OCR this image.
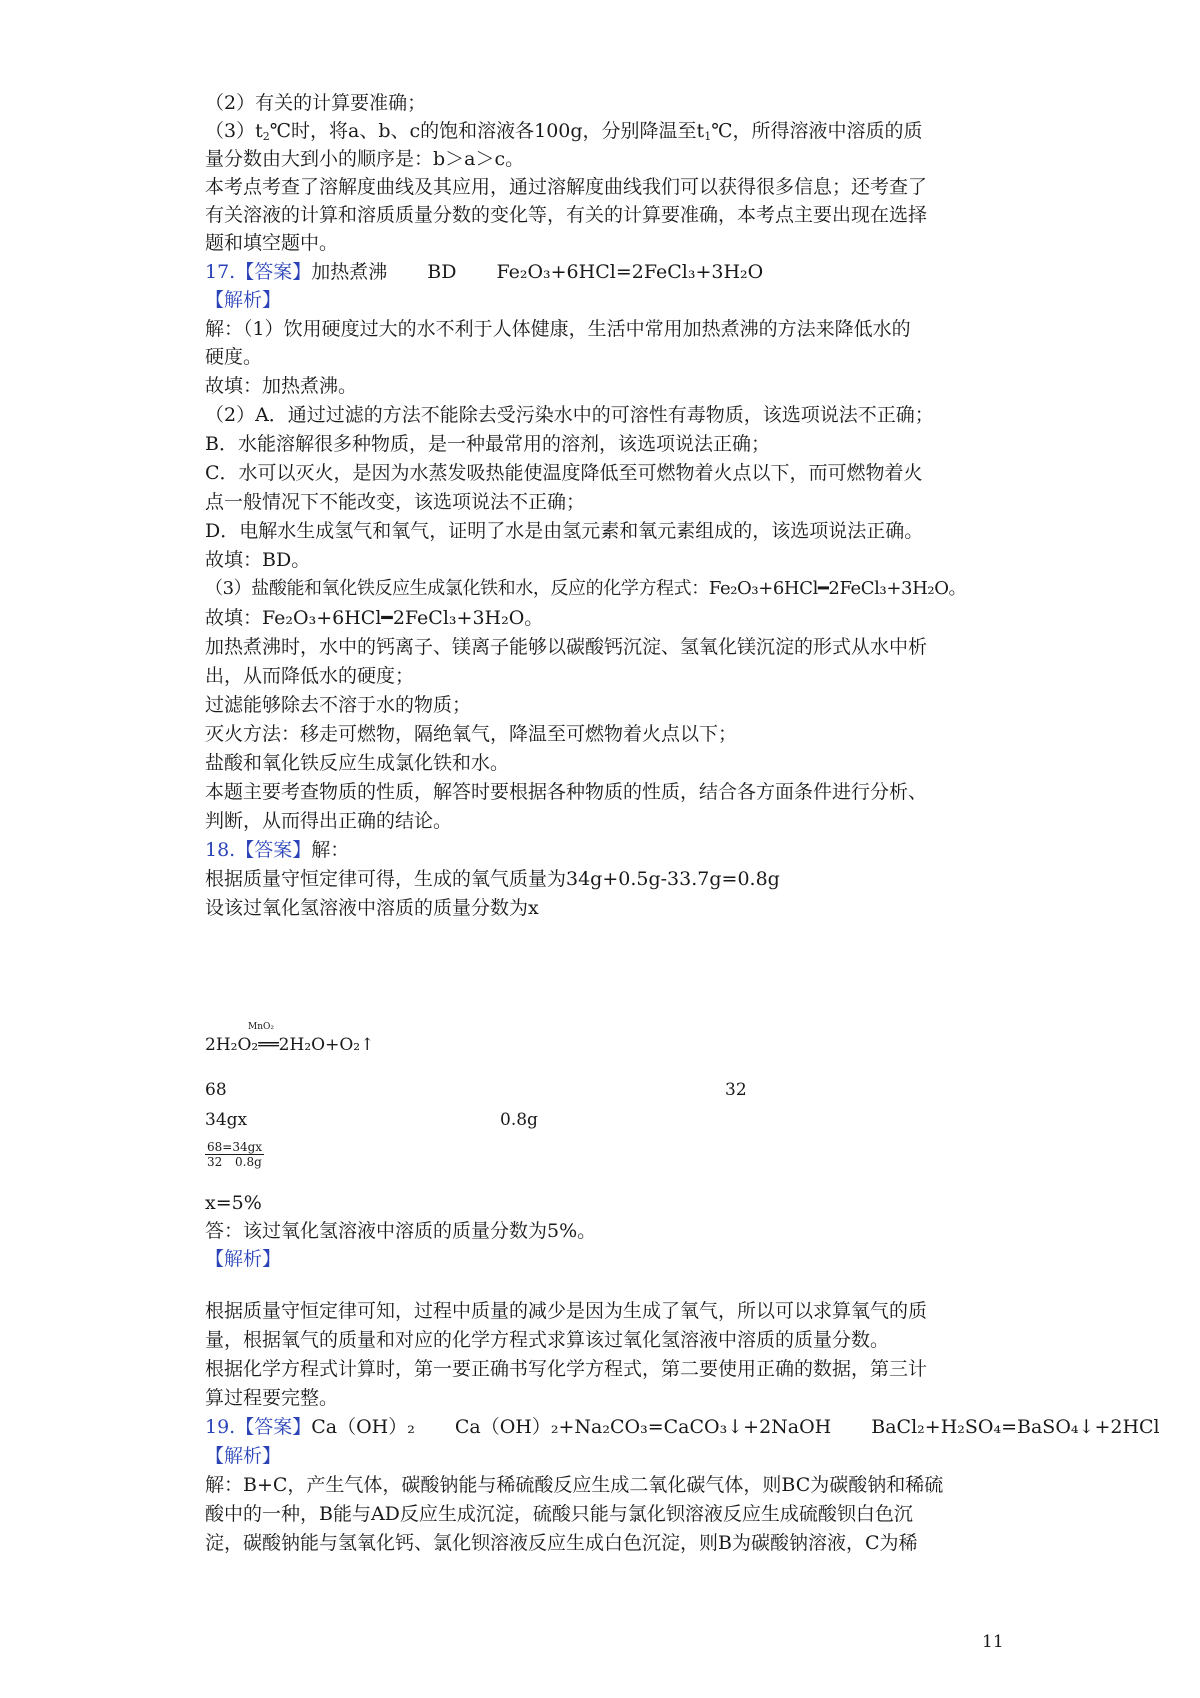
（2）有关的计算要准确；
$(3)t_2℃$时，将a、b、c的饱和溶液各100g，分别降温至$t_1℃$，所得溶液中溶质的质
量分数由大到小的顺序是：b＞a＞c。
本考点考查了溶解度曲线及其应用，通过溶解度曲线我们可以获得很多信息；还考查了
有关溶液的计算和溶质质量分数的变化等，有关的计算要准确，本考点主要出现在选择
题和填空题中。
17.【答案】加热煮沸 BD Fe₂O₃+6HCl=2FeCl₃+3H₂O
【解析】
解：（1）饮用硬度过大的水不利于人体健康，生活中常用加热煮沸的方法来降低水的
硬度。
故填：加热煮沸。
（2）A．通过过滤的方法不能除去受污染水中的可溶性有毒物质，该选项说法不正确；
B．水能溶解很多种物质，是一种最常用的溶剂，该选项说法正确；
C．水可以灭火，是因为水蒸发吸热能使温度降低至可燃物着火点以下，而可燃物着火
点一般情况下不能改变，该选项说法不正确；
D．电解水生成氢气和氧气，证明了水是由氢元素和氧元素组成的，该选项说法正确。
故填：BD。
（3）盐酸能和氧化铁反应生成氯化铁和水，反应的化学方程式：Fe₂O₃+6HCl━2FeCl₃+3H₂O。
故填：Fe₂O₃+6HCl━2FeCl₃+3H₂O。
加热煮沸时，水中的钙离子、镁离子能够以碳酸钙沉淀、氢氧化镁沉淀的形式从水中析
出，从而降低水的硬度；
过滤能够除去不溶于水的物质；
灭火方法：移走可燃物，隔绝氧气，降温至可燃物着火点以下；
盐酸和氧化铁反应生成氯化铁和水。
本题主要考查物质的性质，解答时要根据各种物质的性质，结合各方面条件进行分析、
判断，从而得出正确的结论。
18.【答案】解：
根据质量守恒定律可得，生成的氧气质量为34g+0.5g-33.7g=0.8g
设该过氧化氢溶液中溶质的质量分数为x
MnO₂
2H₂O₂══2H₂O+O₂↑
68	32
34gx	0.8g
$\frac{68=34gx}{32 0.8g}$
x=5%
答：该过氧化氢溶液中溶质的质量分数为5%。
【解析】
根据质量守恒定律可知，过程中质量的减少是因为生成了氧气，所以可以求算氧气的质
量，根据氧气的质量和对应的化学方程式求算该过氧化氢溶液中溶质的质量分数。
根据化学方程式计算时，第一要正确书写化学方程式，第二要使用正确的数据，第三计
算过程要完整。
19.【答案】Ca（OH）₂ Ca（OH）₂+Na₂CO₃=CaCO₃↓+2NaOH BaCl₂+H₂SO₄=BaSO₄↓+2HCl
【解析】
解：B+C，产生气体，碳酸钠能与稀硫酸反应生成二氧化碳气体，则BC为碳酸钠和稀硫
酸中的一种，B能与AD反应生成沉淀，硫酸只能与氯化钡溶液反应生成硫酸钡白色沉
淀，碳酸钠能与氢氧化钙、氯化钡溶液反应生成白色沉淀，则B为碳酸钠溶液，C为稀
11
